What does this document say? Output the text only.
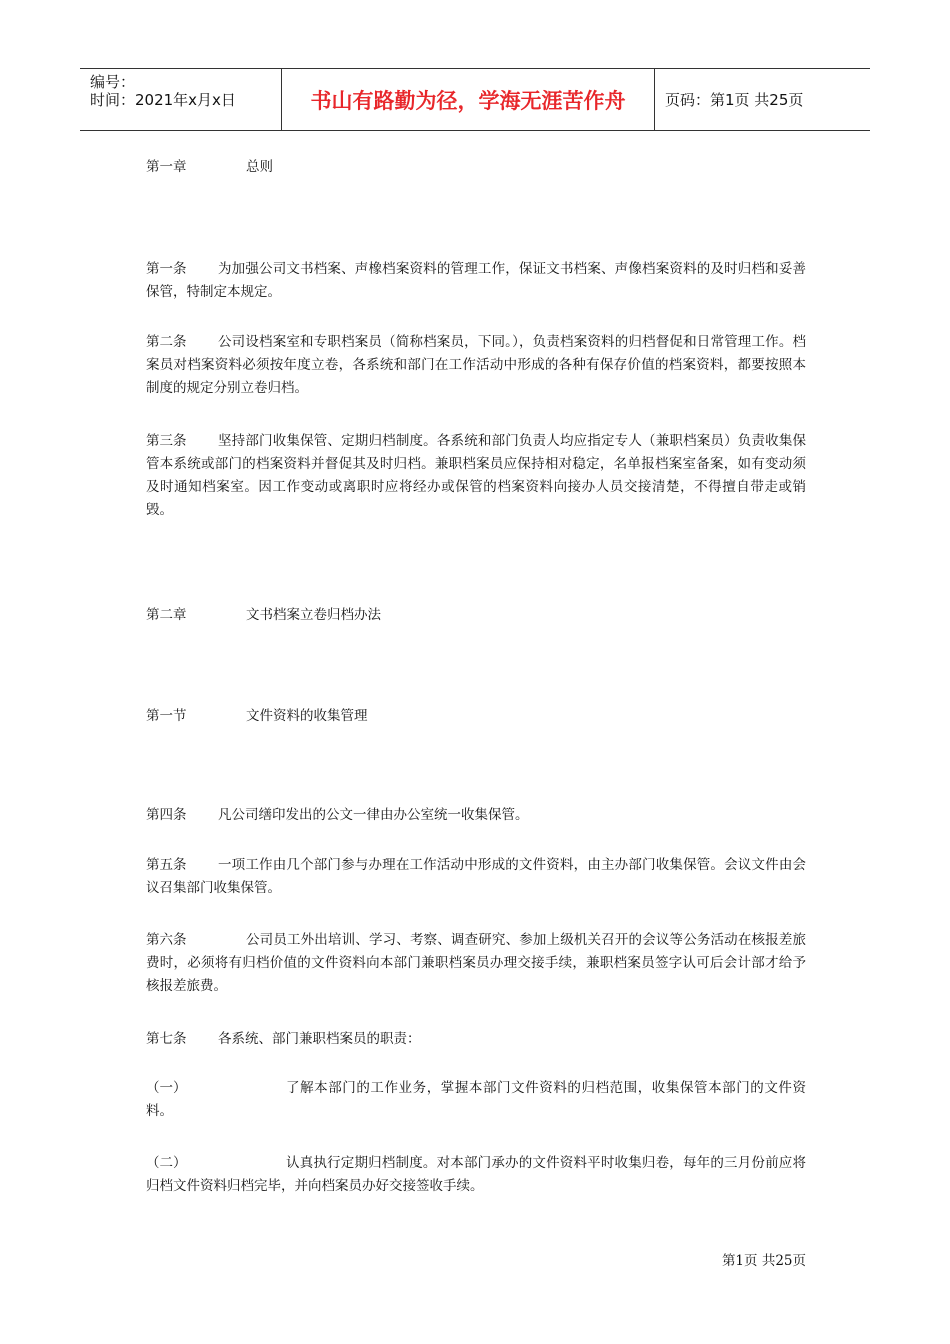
编号：
时间：2021年x月x日	书山有路勤为径，学海无涯苦作舟	页码：第1页 共25页
第一章	总则
第一条	为加强公司文书档案、声橡档案资料的管理工作，保证文书档案、声像档案资料的及时归档和妥善保管，特制定本规定。
第二条	公司设档案室和专职档案员（简称档案员，下同。），负责档案资料的归档督促和日常管理工作。档案员对档案资料必须按年度立卷，各系统和部门在工作活动中形成的各种有保存价值的档案资料，都要按照本制度的规定分别立卷归档。
第三条	坚持部门收集保管、定期归档制度。各系统和部门负责人均应指定专人（兼职档案员）负责收集保管本系统或部门的档案资料并督促其及时归档。兼职档案员应保持相对稳定，名单报档案室备案，如有变动须及时通知档案室。因工作变动或离职时应将经办或保管的档案资料向接办人员交接清楚，不得擅自带走或销毁。
第二章	文书档案立卷归档办法
第一节	文件资料的收集管理
第四条	凡公司缮印发出的公文一律由办公室统一收集保管。
第五条	一项工作由几个部门参与办理在工作活动中形成的文件资料，由主办部门收集保管。会议文件由会议召集部门收集保管。
第六条	公司员工外出培训、学习、考察、调查研究、参加上级机关召开的会议等公务活动在核报差旅费时，必须将有归档价值的文件资料向本部门兼职档案员办理交接手续，兼职档案员签字认可后会计部才给予核报差旅费。
第七条	各系统、部门兼职档案员的职责：
（一）	了解本部门的工作业务，掌握本部门文件资料的归档范围，收集保管本部门的文件资料。
（二）	认真执行定期归档制度。对本部门承办的文件资料平时收集归卷，每年的三月份前应将归档文件资料归档完毕，并向档案员办好交接签收手续。
第1页 共25页
